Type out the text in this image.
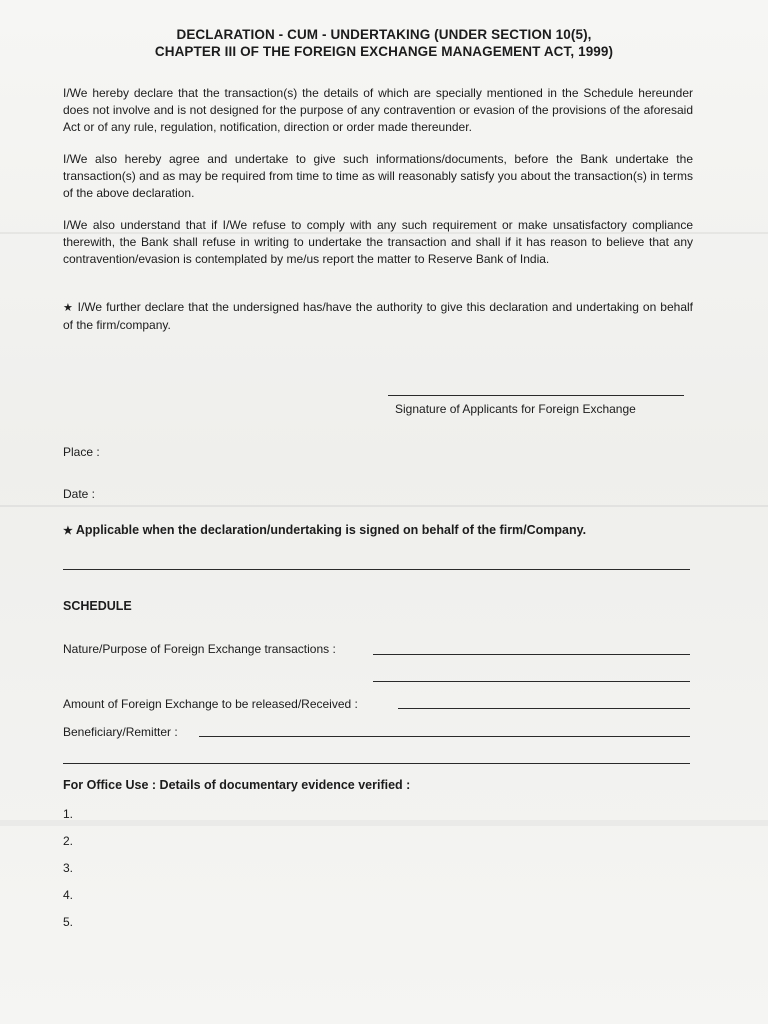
DECLARATION - CUM - UNDERTAKING (UNDER SECTION 10(5),
CHAPTER III OF THE FOREIGN EXCHANGE MANAGEMENT ACT, 1999)
I/We hereby declare that the transaction(s) the details of which are specially mentioned in the Schedule hereunder does not involve and is not designed for the purpose of any contravention or evasion of the provisions of the aforesaid Act or of any rule, regulation, notification, direction or order made thereunder.
I/We also hereby agree and undertake to give such informations/documents, before the Bank undertake the transaction(s) and as may be required from time to time as will reasonably satisfy you about the transaction(s) in terms of the above declaration.
I/We also understand that if I/We refuse to comply with any such requirement or make unsatisfactory compliance therewith, the Bank shall refuse in writing to undertake the transaction and shall if it has reason to believe that any contravention/evasion is contemplated by me/us report the matter to Reserve Bank of India.
★ I/We further declare that the undersigned has/have the authority to give this declaration and undertaking on behalf of the firm/company.
Signature of Applicants for Foreign Exchange
Place :
Date :
★ Applicable when the declaration/undertaking is signed on behalf of the firm/Company.
SCHEDULE
Nature/Purpose of Foreign Exchange transactions :
Amount of Foreign Exchange to be released/Received :
Beneficiary/Remitter :
For Office Use : Details of documentary evidence verified :
1.
2.
3.
4.
5.
